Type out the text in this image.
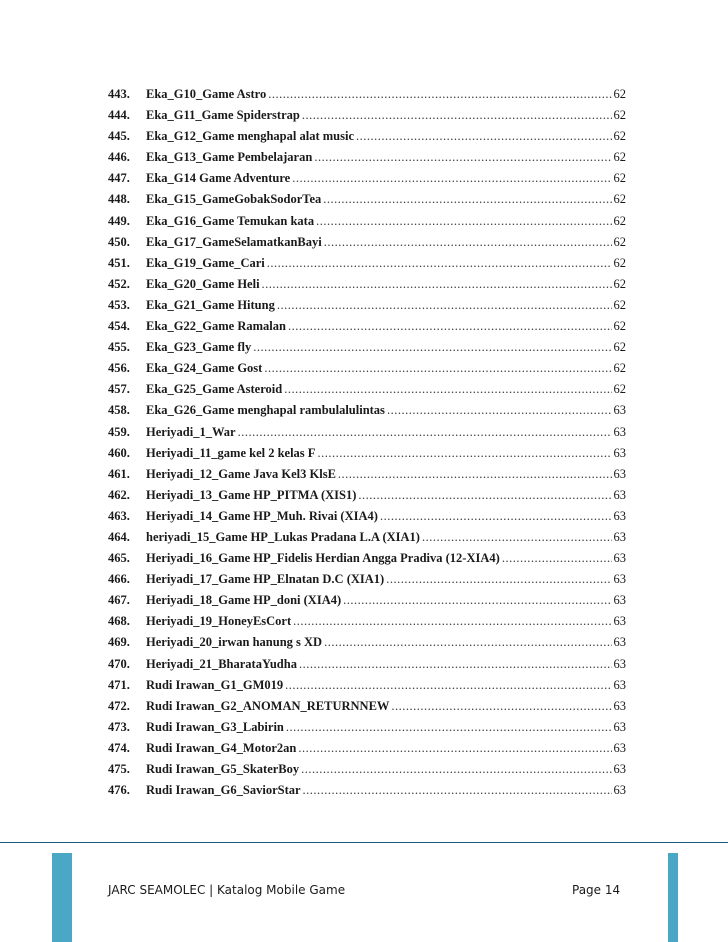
443.	Eka_G10_Game Astro .....	62
444.	Eka_G11_Game Spiderstrap .....	62
445.	Eka_G12_Game menghapal alat music .....	62
446.	Eka_G13_Game Pembelajaran .....	62
447.	Eka_G14 Game Adventure .....	62
448.	Eka_G15_GameGobakSodorTea .....	62
449.	Eka_G16_Game Temukan kata .....	62
450.	Eka_G17_GameSelamatkanBayi .....	62
451.	Eka_G19_Game_Cari .....	62
452.	Eka_G20_Game Heli .....	62
453.	Eka_G21_Game Hitung .....	62
454.	Eka_G22_Game Ramalan .....	62
455.	Eka_G23_Game fly .....	62
456.	Eka_G24_Game Gost .....	62
457.	Eka_G25_Game Asteroid .....	62
458.	Eka_G26_Game menghapal rambulalulintas .....	63
459.	Heriyadi_1_War .....	63
460.	Heriyadi_11_game kel 2 kelas F .....	63
461.	Heriyadi_12_Game Java Kel3 KlsE .....	63
462.	Heriyadi_13_Game HP_PITMA (XIS1) .....	63
463.	Heriyadi_14_Game HP_Muh. Rivai (XIA4) .....	63
464.	heriyadi_15_Game HP_Lukas Pradana L.A (XIA1) .....	63
465.	Heriyadi_16_Game HP_Fidelis Herdian Angga Pradiva (12-XIA4) .....	63
466.	Heriyadi_17_Game HP_Elnatan D.C (XIA1) .....	63
467.	Heriyadi_18_Game HP_doni (XIA4) .....	63
468.	Heriyadi_19_HoneyEsCort .....	63
469.	Heriyadi_20_irwan hanung s XD .....	63
470.	Heriyadi_21_BharataYudha .....	63
471.	Rudi Irawan_G1_GM019 .....	63
472.	Rudi Irawan_G2_ANOMAN_RETURNNEW .....	63
473.	Rudi Irawan_G3_Labirin .....	63
474.	Rudi Irawan_G4_Motor2an .....	63
475.	Rudi Irawan_G5_SkaterBoy .....	63
476.	Rudi Irawan_G6_SaviorStar .....	63
JARC SEAMOLEC | Katalog Mobile Game	Page 14
